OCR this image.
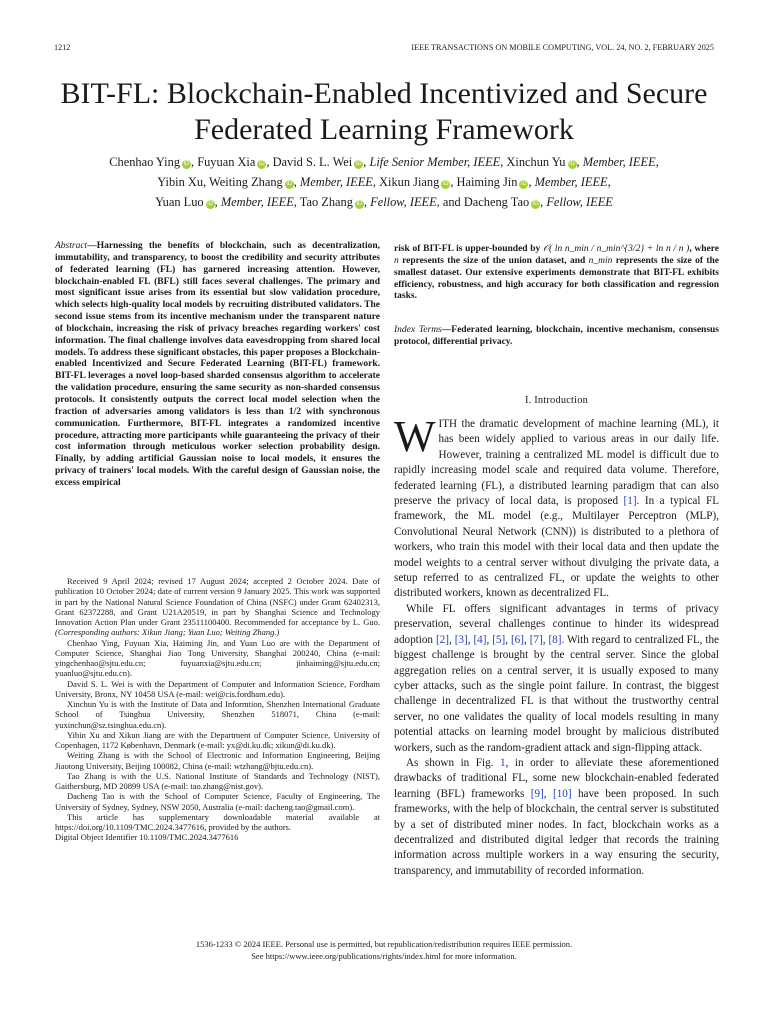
1212	IEEE TRANSACTIONS ON MOBILE COMPUTING, VOL. 24, NO. 2, FEBRUARY 2025
BIT-FL: Blockchain-Enabled Incentivized and Secure
Federated Learning Framework
Chenhao Ying iD , Fuyuan Xia iD , David S. L. Wei iD , Life Senior Member, IEEE, Xinchun Yu iD , Member, IEEE,
Yibin Xu, Weiting Zhang iD , Member, IEEE, Xikun Jiang iD , Haiming Jin iD , Member, IEEE,
Yuan Luo iD , Member, IEEE, Tao Zhang iD , Fellow, IEEE, and Dacheng Tao iD , Fellow, IEEE
Abstract—Harnessing the benefits of blockchain, such as decentralization, immutability, and transparency, to boost the credibility and security attributes of federated learning (FL) has garnered increasing attention. However, blockchain-enabled FL (BFL) still faces several challenges. The primary and most significant issue arises from its essential but slow validation procedure, which selects high-quality local models by recruiting distributed validators. The second issue stems from its incentive mechanism under the transparent nature of blockchain, increasing the risk of privacy breaches regarding workers' cost information. The final challenge involves data eavesdropping from shared local models. To address these significant obstacles, this paper proposes a Blockchain-enabled Incentivized and Secure Federated Learning (BIT-FL) framework. BIT-FL leverages a novel loop-based sharded consensus algorithm to accelerate the validation procedure, ensuring the same security as non-sharded consensus protocols. It consistently outputs the correct local model selection when the fraction of adversaries among validators is less than 1/2 with synchronous communication. Furthermore, BIT-FL integrates a randomized incentive procedure, attracting more participants while guaranteeing the privacy of their cost information through meticulous worker selection probability design. Finally, by adding artificial Gaussian noise to local models, it ensures the privacy of trainers' local models. With the careful design of Gaussian noise, the excess empirical
risk of BIT-FL is upper-bounded by 𝒪( ln n_min / n_min^{3/2} + ln n / n ), where n represents the size of the union dataset, and n_min represents the size of the smallest dataset. Our extensive experiments demonstrate that BIT-FL exhibits efficiency, robustness, and high accuracy for both classification and regression tasks.
Index Terms—Federated learning, blockchain, incentive mechanism, consensus protocol, differential privacy.

Received 9 April 2024; revised 17 August 2024; accepted 2 October 2024. Date of publication 10 October 2024; date of current version 9 January 2025. This work was supported in part by the National Natural Science Foundation of China (NSFC) under Grant 62402313, Grant 62372288, and Grant U21A20519, in part by Shanghai Science and Technology Innovation Action Plan under Grant 23511100400. Recommended for acceptance by L. Guo. (Corresponding authors: Xikun Jiang; Yuan Luo; Weiting Zhang.)

Chenhao Ying, Fuyuan Xia, Haiming Jin, and Yuan Luo are with the Department of Computer Science, Shanghai Jiao Tong University, Shanghai 200240, China (e-mail: yingchenhao@sjtu.edu.cn; fuyuanxia@sjtu.edu.cn; jinhaiming@sjtu.edu.cn; yuanluo@sjtu.edu.cn).

David S. L. Wei is with the Department of Computer and Information Science, Fordham University, Bronx, NY 10458 USA (e-mail: wei@cis.fordham.edu).

Xinchun Yu is with the Institute of Data and Informtion, Shenzhen International Graduate School of Tsinghua University, Shenzhen 518071, China (e-mail: yuxinchun@sz.tsinghua.edu.cn).

Yibin Xu and Xikun Jiang are with the Department of Computer Science, University of Copenhagen, 1172 København, Denmark (e-mail: yx@di.ku.dk; xikun@di.ku.dk).

Weiting Zhang is with the School of Electronic and Information Engineering, Beijing Jiaotong University, Beijing 100082, China (e-mail: wtzhang@bjtu.edu.cn).

Tao Zhang is with the U.S. National Institute of Standards and Technology (NIST), Gaithersburg, MD 20899 USA (e-mail: tao.zhang@nist.gov).

Dacheng Tao is with the School of Computer Science, Faculty of Engineering, The University of Sydney, Sydney, NSW 2050, Australia (e-mail: dacheng.tao@gmail.com).

This article has supplementary downloadable material available at https://doi.org/10.1109/TMC.2024.3477616, provided by the authors.

Digital Object Identifier 10.1109/TMC.2024.3477616

I. Introduction

WITH the dramatic development of machine learning (ML), it has been widely applied to various areas in our daily life. However, training a centralized ML model is difficult due to rapidly increasing model scale and required data volume. Therefore, federated learning (FL), a distributed learning paradigm that can also preserve the privacy of local data, is proposed [1]. In a typical FL framework, the ML model (e.g., Multilayer Perceptron (MLP), Convolutional Neural Network (CNN)) is distributed to a plethora of workers, who train this model with their local data and then update the model weights to a central server without divulging the private data, a setup referred to as centralized FL, or update the weights to other distributed workers, known as decentralized FL.

While FL offers significant advantages in terms of privacy preservation, several challenges continue to hinder its widespread adoption [2], [3], [4], [5], [6], [7], [8]. With regard to centralized FL, the biggest challenge is brought by the central server. Since the global aggregation relies on a central server, it is usually exposed to many cyber attacks, such as the single point failure. In contrast, the biggest challenge in decentralized FL is that without the trustworthy central server, no one validates the quality of local models resulting in many potential attacks on learning model brought by malicious distributed workers, such as the random-gradient attack and sign-flipping attack.

As shown in Fig. 1, in order to alleviate these aforementioned drawbacks of traditional FL, some new blockchain-enabled federated learning (BFL) frameworks [9], [10] have been proposed. In such frameworks, with the help of blockchain, the central server is substituted by a set of distributed miner nodes. In fact, blockchain works as a decentralized and distributed digital ledger that records the training information across multiple workers in a way ensuring the security, transparency, and immutability of recorded information.

1536-1233 © 2024 IEEE. Personal use is permitted, but republication/redistribution requires IEEE permission.
See https://www.ieee.org/publications/rights/index.html for more information.
